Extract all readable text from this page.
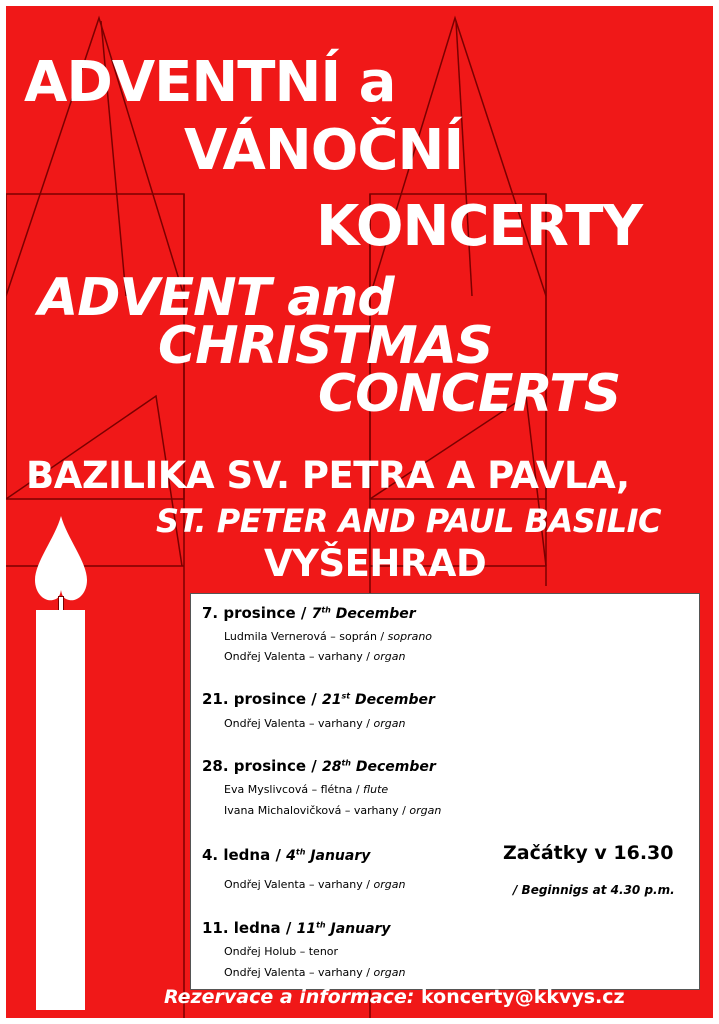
ADVENTNÍ a

VÁNOČNÍ

KONCERTY

ADVENT and

CHRISTMAS

CONCERTS

BAZILIKA SV. PETRA A PAVLA,

ST. PETER AND PAUL BASILIC

VYŠEHRAD

7. prosince / 7th December
Ludmila Vernerová – soprán / soprano
Ondřej Valenta – varhany / organ
21. prosince / 21st December
Ondřej Valenta – varhany / organ
28. prosince / 28th December
Eva Myslivcová – flétna / flute
Ivana Michalovičková – varhany / organ
4. ledna / 4th January
Ondřej Valenta – varhany / organ
Začátky v 16.30
/ Beginnigs at 4.30 p.m.
11. ledna / 11th January
Ondřej Holub – tenor
Ondřej Valenta – varhany / organ
Rezervace a informace: koncerty@kkvys.cz
